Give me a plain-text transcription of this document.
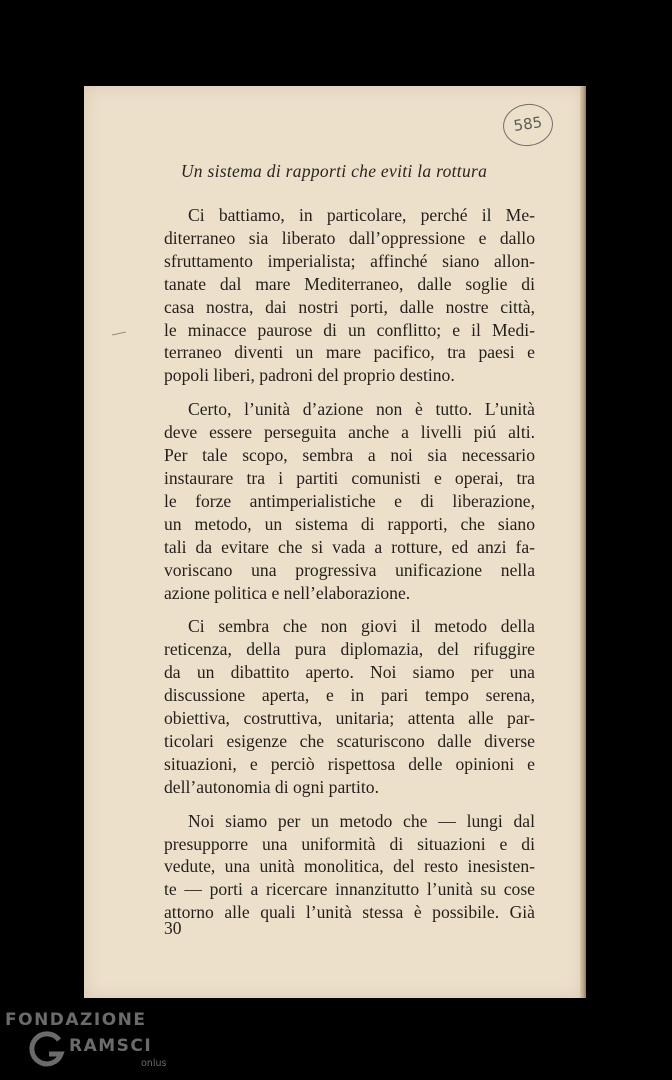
585
Un sistema di rapporti che eviti la rottura
Ci battiamo, in particolare, perché il Me-
diterraneo sia liberato dall’oppressione e dallo
sfruttamento imperialista; affinché siano allon-
tanate dal mare Mediterraneo, dalle soglie di
casa nostra, dai nostri porti, dalle nostre città,
le minacce paurose di un conflitto; e il Medi-
terraneo diventi un mare pacifico, tra paesi e
popoli liberi, padroni del proprio destino.
Certo, l’unità d’azione non è tutto. L’unità
deve essere perseguita anche a livelli piú alti.
Per tale scopo, sembra a noi sia necessario
instaurare tra i partiti comunisti e operai, tra
le forze antimperialistiche e di liberazione,
un metodo, un sistema di rapporti, che siano
tali da evitare che si vada a rotture, ed anzi fa-
voriscano una progressiva unificazione nella
azione politica e nell’elaborazione.
Ci sembra che non giovi il metodo della
reticenza, della pura diplomazia, del rifuggire
da un dibattito aperto. Noi siamo per una
discussione aperta, e in pari tempo serena,
obiettiva, costruttiva, unitaria; attenta alle par-
ticolari esigenze che scaturiscono dalle diverse
situazioni, e perciò rispettosa delle opinioni e
dell’autonomia di ogni partito.
Noi siamo per un metodo che — lungi dal
presupporre una uniformità di situazioni e di
vedute, una unità monolitica, del resto inesisten-
te — porti a ricercare innanzitutto l’unità su cose
attorno alle quali l’unità stessa è possibile. Già
30
FONDAZIONE
RAMSCI
onlus
